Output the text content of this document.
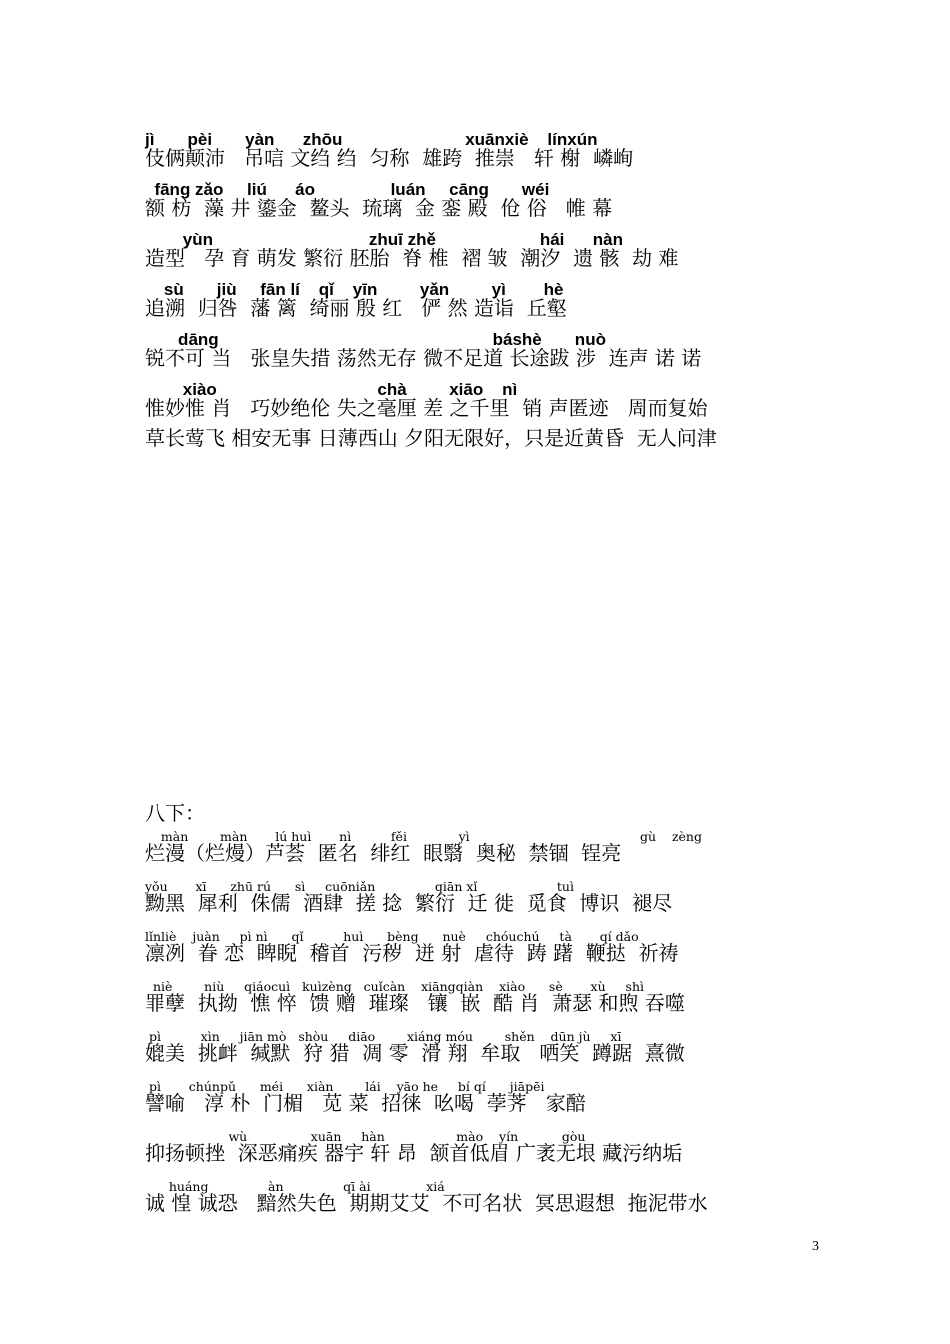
jì       pèi       yàn      zhōu                          xuānxiè    línxún
伎俩颠沛   吊唁 文绉 绉  匀称  雄跨  推崇   轩 榭  嶙峋
fāng zǎo     liú      áo                luán     cāng       wéi
额 枋  藻 井 鎏金  鳌头  琉璃  金 銮 殿  伧 俗   帷 幕
yùn                                 zhuī zhě                      hái      nàn
造型   孕 育 萌发 繁衍 胚胎  脊 椎  褶 皱  潮汐  遗 骸  劫 难
sù       jiù     fān lí    qǐ    yīn         yǎn         yì        hè
追溯  归咎  藩 篱  绮丽 殷 红   俨 然 造诣  丘壑
dāng                                                          báshè       nuò
锐不可 当   张皇失措 荡然无存 微不足道 长途跋 涉  连声 诺 诺
xiào                                  chà         xiāo    nì
惟妙惟 肖   巧妙绝伦 失之毫厘 差 之千里  销 声匿迹   周而复始
草长莺飞 相安无事 日薄西山 夕阳无限好，只是近黄昏  无人问津
八下：
màn        màn       lú huì       nì          fěi             yì	gù    zèng
烂漫（烂熳）芦荟  匿名  绯红  眼翳  奥秘  禁锢  锃亮
yǒu       xī      zhū rú      sì     cuōniǎn               qiān xǐ                    tuì
黝黑  犀利  侏儒  酒肆  搓 捻  繁衍  迁 徙  觅食  博识  褪尽
lǐnliè    juàn     pì nì      qǐ          huì      bèng      nuè     chóuchú     tà       qí dǎo
凛冽  眷 恋  睥睨  稽首  污秽  迸 射  虐待  踌 躇  鞭挞  祈祷
niè        niù     qiáocuì   kuìzèng   cuǐcàn    xiāngqiàn    xiào      sè       xù     shì
罪孽  执拗  憔 悴  馈 赠  璀璨   镶  嵌  酷 肖  萧瑟 和煦 吞噬
pì          xìn     jiān mò   shòu     diāo        xiáng móu        shěn    dūn jù     xī
媲美  挑衅  缄默  狩 猎  凋 零  滑 翔  牟取   哂笑  蹲踞  熹微
pì       chúnpǔ      méi      xiàn        lái    yāo he     bí qí      jiāpēi
譬喻   淳 朴  门楣   苋 菜  招徕  吆喝  荸荠   家醅
wù                xuān     hàn                  mào    yín           gòu
抑扬顿挫  深恶痛疾 器宇 轩 昂  颔首低眉 广袤无垠 藏污纳垢
huáng               àn               qī ài              xiá
诚 惶 诚恐   黯然失色  期期艾艾  不可名状  冥思遐想  拖泥带水
3
